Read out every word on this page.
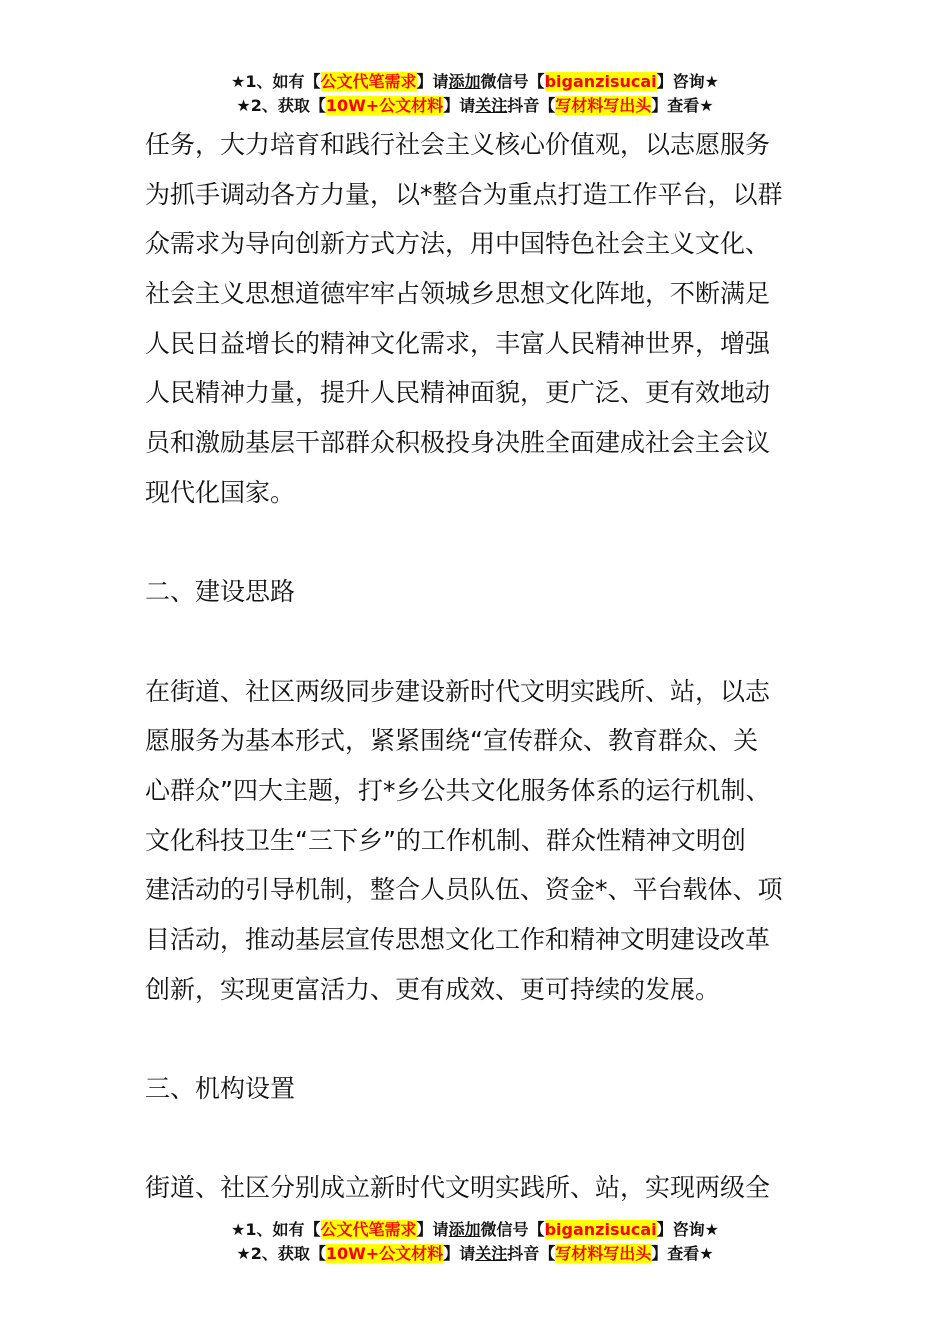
★1、如有【公文代笔需求】请添加微信号【biganzisucai】咨询★
★2、获取【10W+公文材料】请关注抖音【写材料写出头】查看★
任务，大力培育和践行社会主义核心价值观，以志愿服务
为抓手调动各方力量，以*整合为重点打造工作平台，以群
众需求为导向创新方式方法，用中国特色社会主义文化、
社会主义思想道德牢牢占领城乡思想文化阵地，不断满足
人民日益增长的精神文化需求，丰富人民精神世界，增强
人民精神力量，提升人民精神面貌，更广泛、更有效地动
员和激励基层干部群众积极投身决胜全面建成社会主会议
现代化国家。
二、建设思路
在街道、社区两级同步建设新时代文明实践所、站，以志
愿服务为基本形式，紧紧围绕“宣传群众、教育群众、关
心群众”四大主题，打*乡公共文化服务体系的运行机制、
文化科技卫生“三下乡”的工作机制、群众性精神文明创
建活动的引导机制，整合人员队伍、资金*、平台载体、项
目活动，推动基层宣传思想文化工作和精神文明建设改革
创新，实现更富活力、更有成效、更可持续的发展。
三、机构设置
街道、社区分别成立新时代文明实践所、站，实现两级全
★1、如有【公文代笔需求】请添加微信号【biganzisucai】咨询★
★2、获取【10W+公文材料】请关注抖音【写材料写出头】查看★
